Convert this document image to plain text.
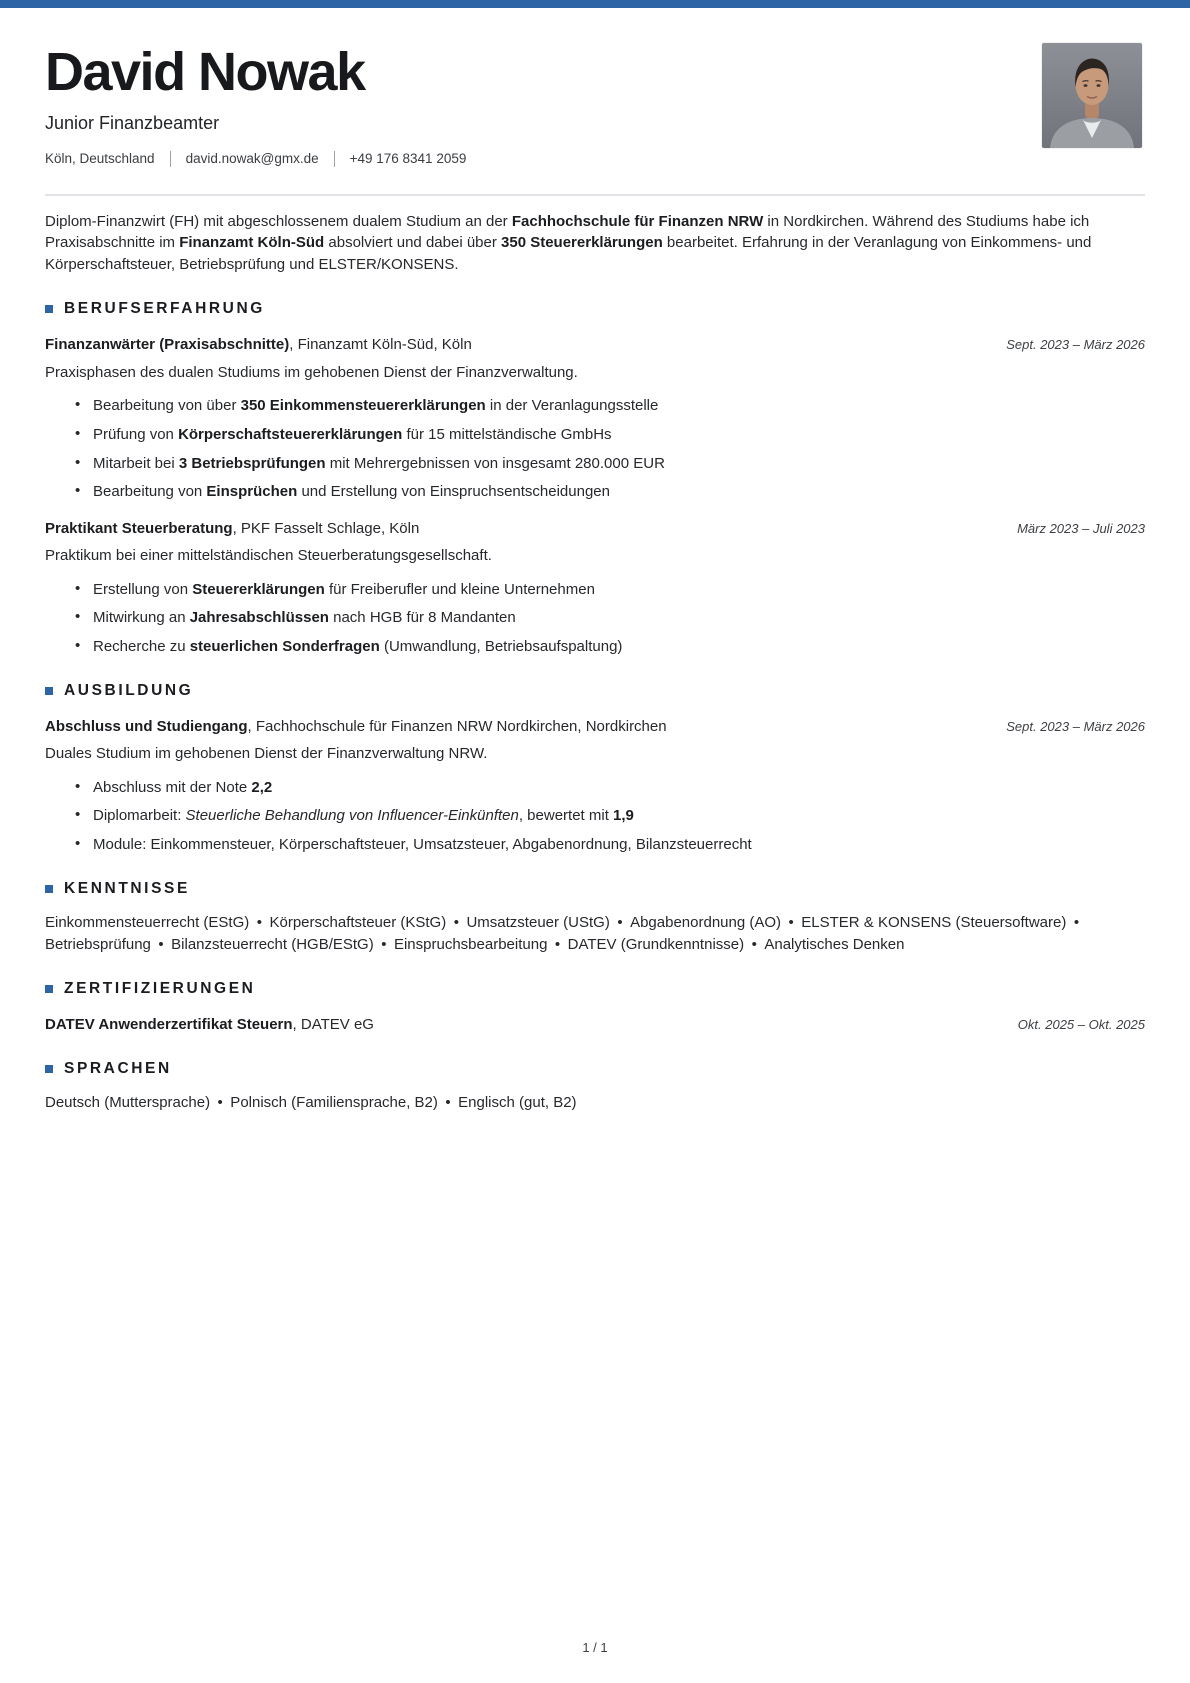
David Nowak
Junior Finanzbeamter
Köln, Deutschland david.nowak@gmx.de +49 176 8341 2059

Diplom-Finanzwirt (FH) mit abgeschlossenem dualem Studium an der Fachhochschule für Finanzen NRW in Nordkirchen. Während des Studiums habe ich Praxisabschnitte im Finanzamt Köln-Süd absolviert und dabei über 350 Steuererklärungen bearbeitet. Erfahrung in der Veranlagung von Einkommens- und Körperschaftsteuer, Betriebsprüfung und ELSTER/KONSENS.

BERUFSERFAHRUNG
Finanzanwärter (Praxisabschnitte), Finanzamt Köln-Süd, Köln	Sept. 2023 – März 2026
Praxisphasen des dualen Studiums im gehobenen Dienst der Finanzverwaltung.
• Bearbeitung von über 350 Einkommensteuererklärungen in der Veranlagungsstelle
• Prüfung von Körperschaftsteuererklärungen für 15 mittelständische GmbHs
• Mitarbeit bei 3 Betriebsprüfungen mit Mehrergebnissen von insgesamt 280.000 EUR
• Bearbeitung von Einsprüchen und Erstellung von Einspruchsentscheidungen
Praktikant Steuerberatung, PKF Fasselt Schlage, Köln	März 2023 – Juli 2023
Praktikum bei einer mittelständischen Steuerberatungsgesellschaft.
• Erstellung von Steuererklärungen für Freiberufler und kleine Unternehmen
• Mitwirkung an Jahresabschlüssen nach HGB für 8 Mandanten
• Recherche zu steuerlichen Sonderfragen (Umwandlung, Betriebsaufspaltung)
AUSBILDUNG
Abschluss und Studiengang, Fachhochschule für Finanzen NRW Nordkirchen, Nordkirchen	Sept. 2023 – März 2026
Duales Studium im gehobenen Dienst der Finanzverwaltung NRW.
• Abschluss mit der Note 2,2
• Diplomarbeit: Steuerliche Behandlung von Influencer-Einkünften, bewertet mit 1,9
• Module: Einkommensteuer, Körperschaftsteuer, Umsatzsteuer, Abgabenordnung, Bilanzsteuerrecht
KENNTNISSE

Einkommensteuerrecht (EStG) • Körperschaftsteuer (KStG) • Umsatzsteuer (UStG) • Abgabenordnung (AO) • ELSTER & KONSENS (Steuersoftware) • Betriebsprüfung • Bilanzsteuerrecht (HGB/EStG) • Einspruchsbearbeitung • DATEV (Grundkenntnisse) • Analytisches Denken

ZERTIFIZIERUNGEN
DATEV Anwenderzertifikat Steuern, DATEV eG	Okt. 2025 – Okt. 2025
SPRACHEN

Deutsch (Muttersprache) • Polnisch (Familiensprache, B2) • Englisch (gut, B2)

1 / 1
